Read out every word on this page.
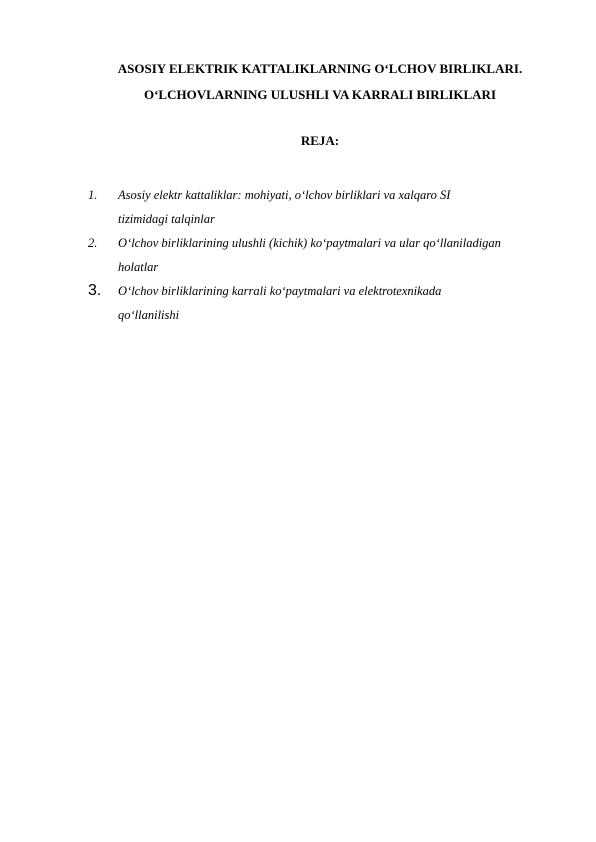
ASOSIY ELEKTRIK KATTALIKLARNING O‘LCHOV BIRLIKLARI.
O‘LCHOVLARNING ULUSHLI VA KARRALI BIRLIKLARI
REJA:
1. Asosiy elektr kattaliklar: mohiyati, o‘lchov birliklari va xalqaro SI
tizimidagi talqinlar
2. O‘lchov birliklarining ulushli (kichik) ko‘paytmalari va ular qo‘llaniladigan
holatlar
3. O‘lchov birliklarining karrali ko‘paytmalari va elektrotexnikada
qo‘llanilishi
